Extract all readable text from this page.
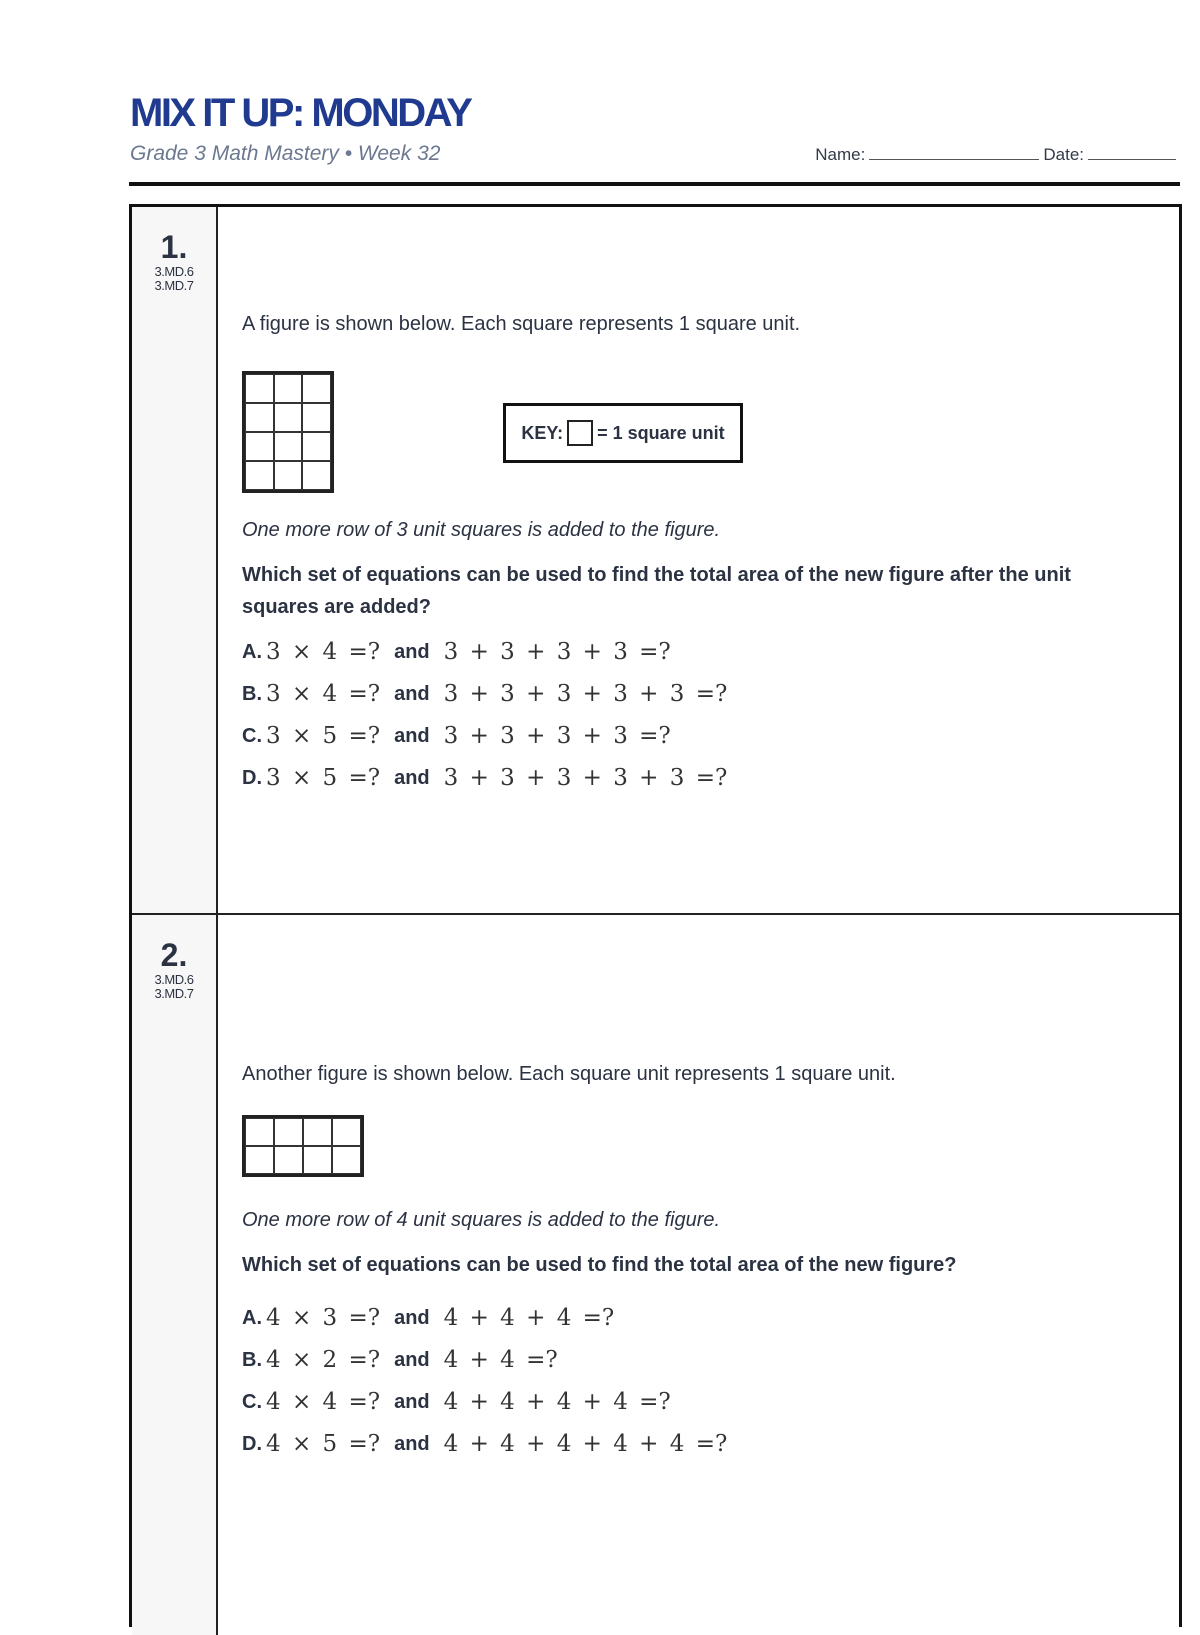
MIX IT UP: MONDAY
Grade 3 Math Mastery • Week 32	Name:	Date:
1.
3.MD.6
3.MD.7
A figure is shown below. Each square represents 1 square unit.
KEY: = 1 square unit
One more row of 3 unit squares is added to the figure.
Which set of equations can be used to find the total area of the new figure after the unit squares are added?
A. 3 × 4 =? and 3 + 3 + 3 + 3 =?
B. 3 × 4 =? and 3 + 3 + 3 + 3 + 3 =?
C. 3 × 5 =? and 3 + 3 + 3 + 3 =?
D. 3 × 5 =? and 3 + 3 + 3 + 3 + 3 =?
2.
3.MD.6
3.MD.7
Another figure is shown below. Each square unit represents 1 square unit.
One more row of 4 unit squares is added to the figure.
Which set of equations can be used to find the total area of the new figure?
A. 4 × 3 =? and 4 + 4 + 4 =?
B. 4 × 2 =? and 4 + 4 =?
C. 4 × 4 =? and 4 + 4 + 4 + 4 =?
D. 4 × 5 =? and 4 + 4 + 4 + 4 + 4 =?
